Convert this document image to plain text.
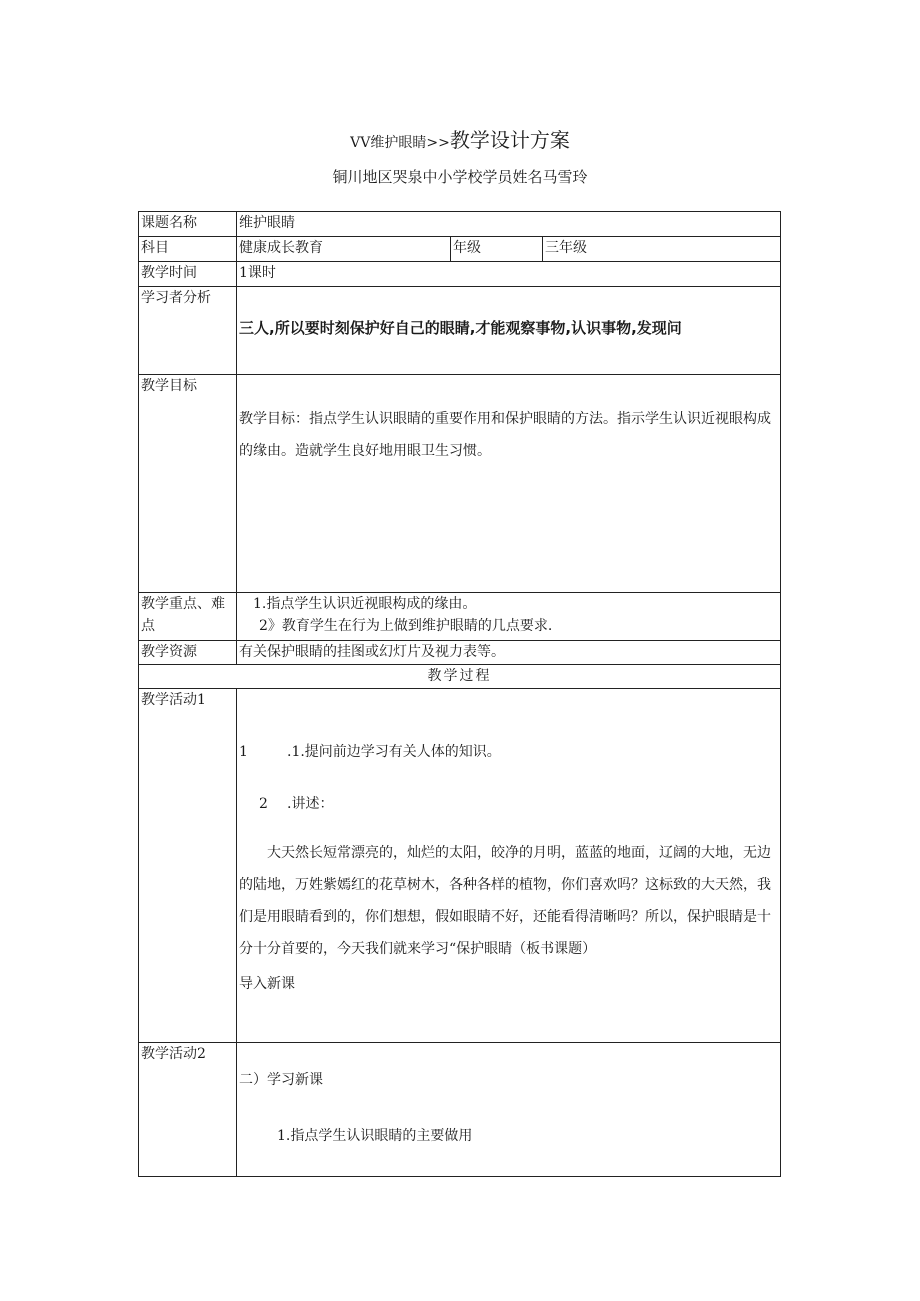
VV维护眼睛>>教学设计方案
铜川地区哭泉中小学校学员姓名马雪玲
课题名称	维护眼睛		
科目	健康成长教育	年级	三年级
教学时间	1课时		
学习者分析	三人,所以要时刻保护好自己的眼睛,才能观察事物,认识事物,发现问		

教学目标	教学目标：指点学生认识眼睛的重要作用和保护眼睛的方法。指示学生认识近视眼构成的缘由。造就学生良好地用眼卫生习惯。		

教学重点、难点	1.指点学生认识近视眼构成的缘由。
2》教育学生在行为上做到维护眼睛的几点要求.		

教学资源	有关保护眼睛的挂图或幻灯片及视力表等。		
教学过程			
教学活动1	1 .1.提问前边学习有关人体的知识。
2 .讲述：
大天然长短常漂亮的，灿烂的太阳，皎净的月明，蓝蓝的地面，辽阔的大地，无边的陆地，万姓紫嫣红的花草树木，各种各样的植物，你们喜欢吗？这标致的大天然，我们是用眼睛看到的，你们想想，假如眼睛不好，还能看得清晰吗？所以，保护眼睛是十分十分首要的，今天我们就来学习“保护眼睛（板书课题）
导入新课		

教学活动2	二）学习新课
1.指点学生认识眼睛的主要做用		
